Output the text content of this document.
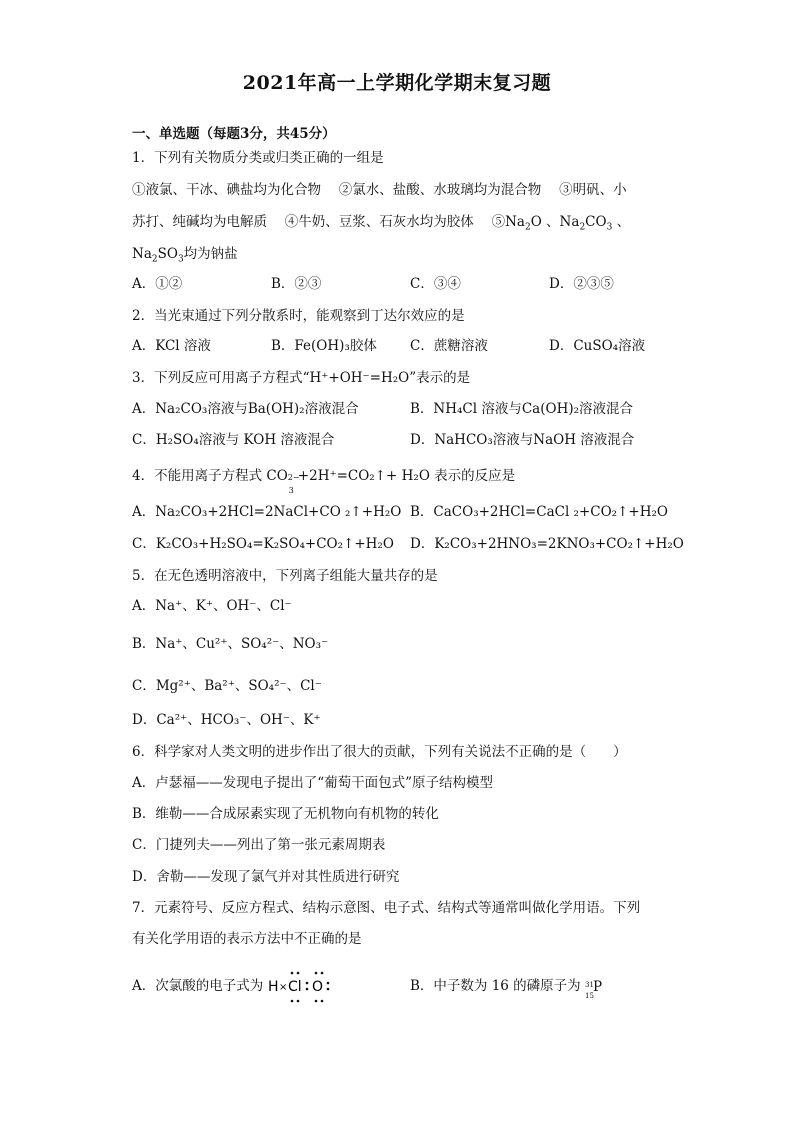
2021年高一上学期化学期末复习题
一、单选题（每题3分，共45分）
1．下列有关物质分类或归类正确的一组是
①液氯、干冰、碘盐均为化合物　 ②氯水、盐酸、水玻璃均为混合物　 ③明矾、小
苏打、纯碱均为电解质　 ④牛奶、豆浆、石灰水均为胶体　 $⑤Na_2O$ 、$Na_2CO_3$ 、
$Na_2SO_3$均为钠盐
A．①②	B．②③	C．③④	D．②③⑤
2．当光束通过下列分散系时，能观察到丁达尔效应的是
A．KCl 溶液	B．Fe(OH)₃胶体 C．蔗糖溶液	D．CuSO₄溶液
3．下列反应可用离子方程式“H⁺+OH⁻=H₂O”表示的是
A．Na₂CO₃溶液与Ba(OH)₂溶液混合	B．NH₄Cl 溶液与Ca(OH)₂溶液混合
C．H₂SO₄溶液与 KOH 溶液混合	D．NaHCO₃溶液与NaOH 溶液混合
4．不能用离子方程式 CO 2−
3
+2H⁺=CO₂↑+ H₂O 表示的反应是
A．Na₂CO₃+2HCl=2NaCl+CO ₂↑+H₂O B．CaCO₃+2HCl=CaCl ₂+CO₂↑+H₂O
C．K₂CO₃+H₂SO₄=K₂SO₄+CO₂↑+H₂O D．K₂CO₃+2HNO₃=2KNO₃+CO₂↑+H₂O
5．在无色透明溶液中，下列离子组能大量共存的是
A．Na⁺、K⁺、OH⁻、Cl⁻
B．Na⁺、Cu²⁺、SO₄²⁻、NO₃⁻
C．Mg²⁺、Ba²⁺、SO₄²⁻、Cl⁻
D．Ca²⁺、HCO₃⁻、OH⁻、K⁺
6．科学家对人类文明的进步作出了很大的贡献，下列有关说法不正确的是（　　）
A．卢瑟福——发现电子提出了“葡萄干面包式”原子结构模型
B．维勒——合成尿素实现了无机物向有机物的转化
C．门捷列夫——列出了第一张元素周期表
D．舍勒——发现了氯气并对其性质进行研究
7．元素符号、反应方程式、结构示意图、电子式、结构式等通常叫做化学用语。下列
有关化学用语的表示方法中不正确的是
A．次氯酸的电子式为 H × Cl O	B．中子数为 16 的磷原子为 31
15
P
